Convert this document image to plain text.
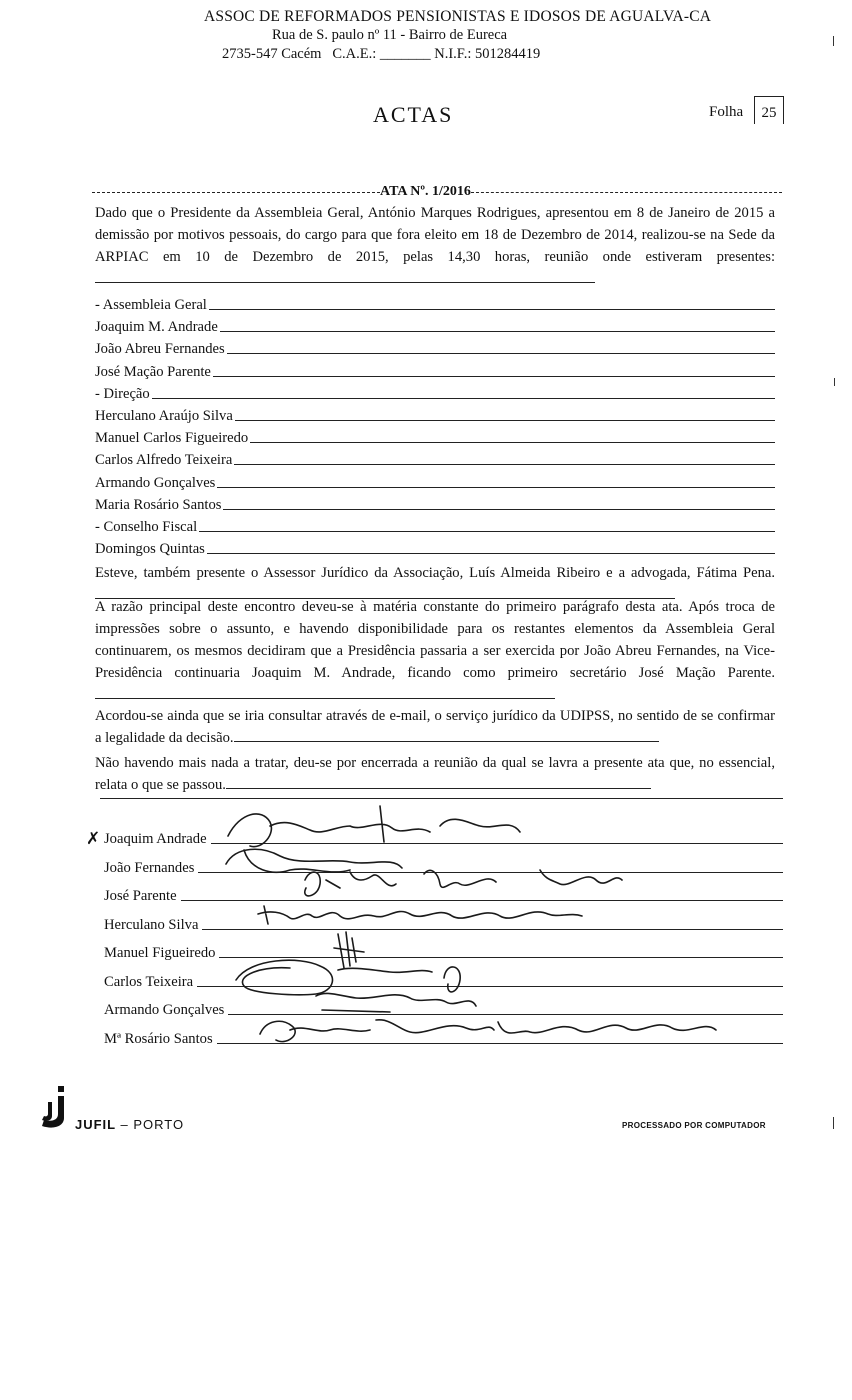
ASSOC DE REFORMADOS PENSIONISTAS E IDOSOS DE AGUALVA-CA
Rua de S. paulo nº 11 - Bairro de Eureca
2735-547 Cacém   C.A.E.: _______ N.I.F.: 501284419
ACTAS	Folha	25
ATA Nº. 1/2016
Dado que o Presidente da Assembleia Geral, António Marques Rodrigues, apresentou em 8 de Janeiro de 2015 a demissão por motivos pessoais, do cargo para que fora eleito em 18 de Dezembro de 2014, realizou-se na Sede da ARPIAC em 10 de Dezembro de 2015, pelas 14,30 horas, reunião onde estiveram presentes:
- Assembleia Geral
Joaquim M. Andrade
João Abreu Fernandes
José Mação Parente
- Direção
Herculano Araújo Silva
Manuel Carlos Figueiredo
Carlos Alfredo Teixeira
Armando Gonçalves
Maria Rosário Santos
- Conselho Fiscal
Domingos Quintas
Esteve, também presente o Assessor Jurídico da Associação, Luís Almeida Ribeiro e a advogada, Fátima Pena.
A razão principal deste encontro deveu-se à matéria constante do primeiro parágrafo desta ata. Após troca de impressões sobre o assunto, e havendo disponibilidade para os restantes elementos da Assembleia Geral continuarem, os mesmos decidiram que a Presidência passaria a ser exercida por João Abreu Fernandes, na Vice-Presidência continuaria Joaquim M. Andrade, ficando como primeiro secretário José Mação Parente.
Acordou-se ainda que se iria consultar através de e-mail, o serviço jurídico da UDIPSS, no sentido de se confirmar a legalidade da decisão.
Não havendo mais nada a tratar, deu-se por encerrada a reunião da qual se lavra a presente ata que, no essencial, relata o que se passou.
✗ Joaquim Andrade
João Fernandes
José Parente
Herculano Silva
Manuel Figueiredo
Carlos Teixeira
Armando Gonçalves
Mª Rosário Santos
JUFIL – PORTO	PROCESSADO POR COMPUTADOR
